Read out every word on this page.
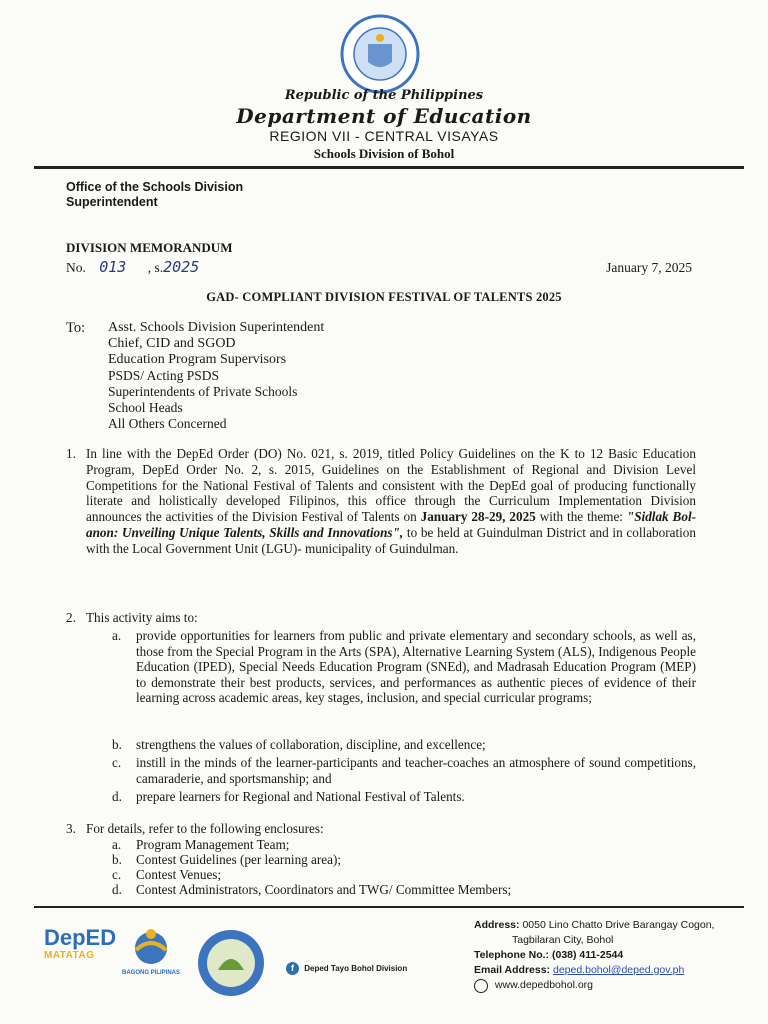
Republic of the Philippines
Department of Education
REGION VII - CENTRAL VISAYAS
Schools Division of Bohol
Office of the Schools Division Superintendent
DIVISION MEMORANDUM
No. 013 , s.2025	January 7, 2025
GAD- COMPLIANT DIVISION FESTIVAL OF TALENTS 2025
To: Asst. Schools Division Superintendent
Chief, CID and SGOD
Education Program Supervisors
PSDS/ Acting PSDS
Superintendents of Private Schools
School Heads
All Others Concerned
1. In line with the DepEd Order (DO) No. 021, s. 2019, titled Policy Guidelines on the K to 12 Basic Education Program, DepEd Order No. 2, s. 2015, Guidelines on the Establishment of Regional and Division Level Competitions for the National Festival of Talents and consistent with the DepEd goal of producing functionally literate and holistically developed Filipinos, this office through the Curriculum Implementation Division announces the activities of the Division Festival of Talents on January 28-29, 2025 with the theme: "Sidlak Bol-anon: Unveiling Unique Talents, Skills and Innovations", to be held at Guindulman District and in collaboration with the Local Government Unit (LGU)- municipality of Guindulman.
2. This activity aims to:
a. provide opportunities for learners from public and private elementary and secondary schools, as well as, those from the Special Program in the Arts (SPA), Alternative Learning System (ALS), Indigenous People Education (IPED), Special Needs Education Program (SNEd), and Madrasah Education Program (MEP) to demonstrate their best products, services, and performances as authentic pieces of evidence of their learning across academic areas, key stages, inclusion, and special curricular programs;
b. strengthens the values of collaboration, discipline, and excellence;
c. instill in the minds of the learner-participants and teacher-coaches an atmosphere of sound competitions, camaraderie, and sportsmanship; and
d. prepare learners for Regional and National Festival of Talents.
3. For details, refer to the following enclosures:
a. Program Management Team;
b. Contest Guidelines (per learning area);
c. Contest Venues;
d. Contest Administrators, Coordinators and TWG/ Committee Members;
DepED
MATATAG
BAGONG PILIPINAS	f Deped Tayo Bohol Division
Address: 0050 Lino Chatto Drive Barangay Cogon,
Tagbilaran City, Bohol
Telephone No.: (038) 411-2544
Email Address: deped.bohol@deped.gov.ph
www.depedbohol.org
